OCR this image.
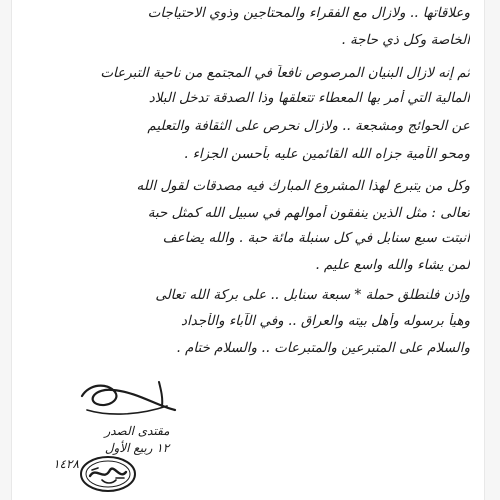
وعلاقاتها .. ولازال مع الفقراء والمحتاجين وذوي الاحتياجات
الخاصة وكل ذي حاجة .
ثم إنه لازال البنيان المرصوص نافعاً في المجتمع من ناحية التبرعات
المالية التي أمر بها المعطاء تتعلقها وذا الصدقة تدخل البلاد
عن الحوائج ومشجعة .. ولازال نحرص على الثقافة والتعليم
ومحو الأمية جزاه الله القائمين عليه بأحسن الجزاء .
وكل من يتبرع لهذا المشروع المبارك فيه مصدقات لقول الله
تعالى : مثل الذين ينفقون أموالهم في سبيل الله كمثل حبة
أنبتت سبع سنابل في كل سنبلة مائة حبة . والله يضاعف
لمن يشاء والله واسع عليم .
وإذن فلنطلق حملة * سبعة سنابل .. على بركة الله تعالى
وهيأ برسوله وأهل بيته والعراق .. وفي الآباء والأجداد
والسلام على المتبرعين والمتبرعات .. والسلام ختام .
مقتدى الصدر
١٢ ربيع الأول
١٤٢٨
